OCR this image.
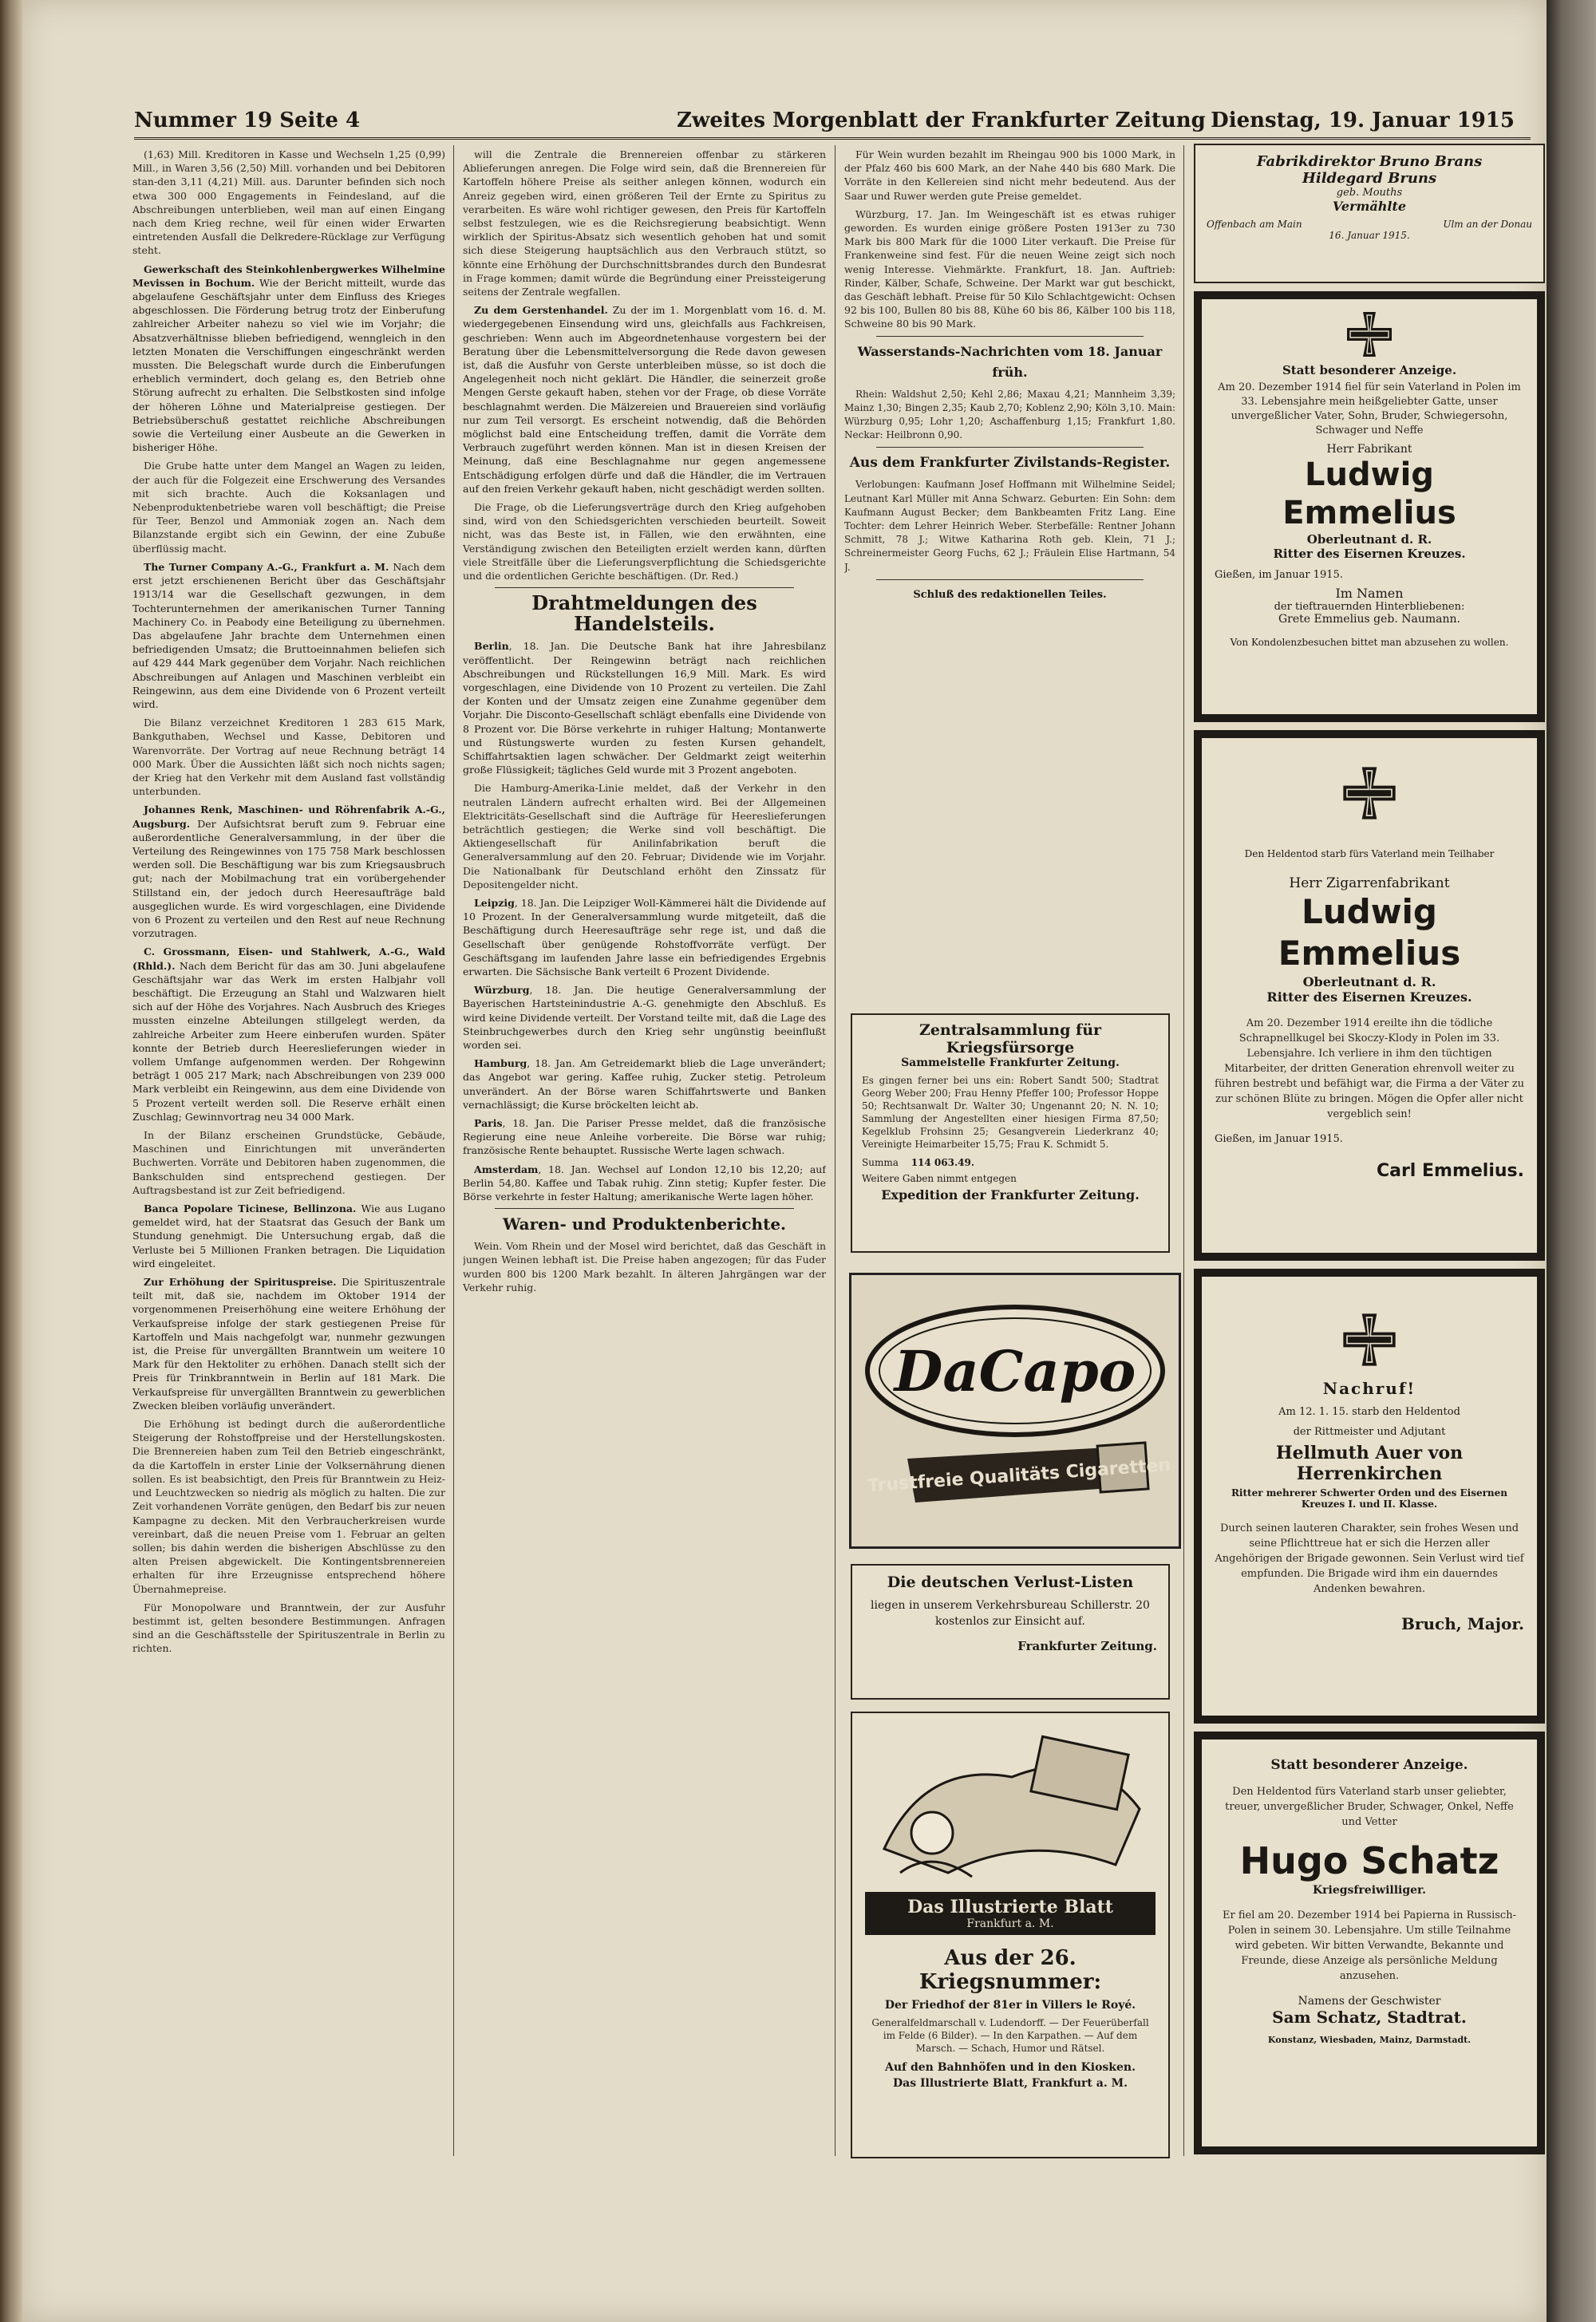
Nummer 19 Seite 4	Zweites Morgenblatt der Frankfurter Zeitung Dienstag, 19. Januar 1915

(1,63) Mill. Kreditoren in Kasse und Wechseln 1,25 (0,99) Mill., in Waren 3,56 (2,50) Mill. vorhanden und bei Debitoren stan-den 3,11 (4,21) Mill. aus. Darunter befinden sich noch etwa 300 000 Engagements in Feindesland, auf die Abschreibungen unterblieben, weil man auf einen Eingang nach dem Krieg rechne, weil für einen wider Erwarten eintretenden Ausfall die Delkredere-Rücklage zur Verfügung steht.

Gewerkschaft des Steinkohlenbergwerkes Wilhelmine Mevissen in Bochum. Wie der Bericht mitteilt, wurde das abgelaufene Geschäftsjahr unter dem Einfluss des Krieges abgeschlossen. Die Förderung betrug trotz der Einberufung zahlreicher Arbeiter nahezu so viel wie im Vorjahr; die Absatzverhältnisse blieben befriedigend, wenngleich in den letzten Monaten die Verschiffungen eingeschränkt werden mussten. Die Belegschaft wurde durch die Einberufungen erheblich vermindert, doch gelang es, den Betrieb ohne Störung aufrecht zu erhalten. Die Selbstkosten sind infolge der höheren Löhne und Materialpreise gestiegen. Der Betriebsüberschuß gestattet reichliche Abschreibungen sowie die Verteilung einer Ausbeute an die Gewerken in bisheriger Höhe.

Die Grube hatte unter dem Mangel an Wagen zu leiden, der auch für die Folgezeit eine Erschwerung des Versandes mit sich brachte. Auch die Koksanlagen und Nebenproduktenbetriebe waren voll beschäftigt; die Preise für Teer, Benzol und Ammoniak zogen an. Nach dem Bilanzstande ergibt sich ein Gewinn, der eine Zubuße überflüssig macht.

The Turner Company A.-G., Frankfurt a. M. Nach dem erst jetzt erschienenen Bericht über das Geschäftsjahr 1913/14 war die Gesellschaft gezwungen, in dem Tochterunternehmen der amerikanischen Turner Tanning Machinery Co. in Peabody eine Beteiligung zu übernehmen. Das abgelaufene Jahr brachte dem Unternehmen einen befriedigenden Umsatz; die Bruttoeinnahmen beliefen sich auf 429 444 Mark gegenüber dem Vorjahr. Nach reichlichen Abschreibungen auf Anlagen und Maschinen verbleibt ein Reingewinn, aus dem eine Dividende von 6 Prozent verteilt wird.

Die Bilanz verzeichnet Kreditoren 1 283 615 Mark, Bankguthaben, Wechsel und Kasse, Debitoren und Warenvorräte. Der Vortrag auf neue Rechnung beträgt 14 000 Mark. Über die Aussichten läßt sich noch nichts sagen; der Krieg hat den Verkehr mit dem Ausland fast vollständig unterbunden.

Johannes Renk, Maschinen- und Röhrenfabrik A.-G., Augsburg. Der Aufsichtsrat beruft zum 9. Februar eine außerordentliche Generalversammlung, in der über die Verteilung des Reingewinnes von 175 758 Mark beschlossen werden soll. Die Beschäftigung war bis zum Kriegsausbruch gut; nach der Mobilmachung trat ein vorübergehender Stillstand ein, der jedoch durch Heeresaufträge bald ausgeglichen wurde. Es wird vorgeschlagen, eine Dividende von 6 Prozent zu verteilen und den Rest auf neue Rechnung vorzutragen.

C. Grossmann, Eisen- und Stahlwerk, A.-G., Wald (Rhld.). Nach dem Bericht für das am 30. Juni abgelaufene Geschäftsjahr war das Werk im ersten Halbjahr voll beschäftigt. Die Erzeugung an Stahl und Walzwaren hielt sich auf der Höhe des Vorjahres. Nach Ausbruch des Krieges mussten einzelne Abteilungen stillgelegt werden, da zahlreiche Arbeiter zum Heere einberufen wurden. Später konnte der Betrieb durch Heereslieferungen wieder in vollem Umfange aufgenommen werden. Der Rohgewinn beträgt 1 005 217 Mark; nach Abschreibungen von 239 000 Mark verbleibt ein Reingewinn, aus dem eine Dividende von 5 Prozent verteilt werden soll. Die Reserve erhält einen Zuschlag; Gewinnvortrag neu 34 000 Mark.

In der Bilanz erscheinen Grundstücke, Gebäude, Maschinen und Einrichtungen mit unveränderten Buchwerten. Vorräte und Debitoren haben zugenommen, die Bankschulden sind entsprechend gestiegen. Der Auftragsbestand ist zur Zeit befriedigend.

Banca Popolare Ticinese, Bellinzona. Wie aus Lugano gemeldet wird, hat der Staatsrat das Gesuch der Bank um Stundung genehmigt. Die Untersuchung ergab, daß die Verluste bei 5 Millionen Franken betragen. Die Liquidation wird eingeleitet.

Zur Erhöhung der Spirituspreise. Die Spirituszentrale teilt mit, daß sie, nachdem im Oktober 1914 der vorgenommenen Preiserhöhung eine weitere Erhöhung der Verkaufspreise infolge der stark gestiegenen Preise für Kartoffeln und Mais nachgefolgt war, nunmehr gezwungen ist, die Preise für unvergällten Branntwein um weitere 10 Mark für den Hektoliter zu erhöhen. Danach stellt sich der Preis für Trinkbranntwein in Berlin auf 181 Mark. Die Verkaufspreise für unvergällten Branntwein zu gewerblichen Zwecken bleiben vorläufig unverändert.

Die Erhöhung ist bedingt durch die außerordentliche Steigerung der Rohstoffpreise und der Herstellungskosten. Die Brennereien haben zum Teil den Betrieb eingeschränkt, da die Kartoffeln in erster Linie der Volksernährung dienen sollen. Es ist beabsichtigt, den Preis für Branntwein zu Heiz- und Leuchtzwecken so niedrig als möglich zu halten. Die zur Zeit vorhandenen Vorräte genügen, den Bedarf bis zur neuen Kampagne zu decken. Mit den Verbraucherkreisen wurde vereinbart, daß die neuen Preise vom 1. Februar an gelten sollen; bis dahin werden die bisherigen Abschlüsse zu den alten Preisen abgewickelt. Die Kontingentsbrennereien erhalten für ihre Erzeugnisse entsprechend höhere Übernahmepreise.

Für Monopolware und Branntwein, der zur Ausfuhr bestimmt ist, gelten besondere Bestimmungen. Anfragen sind an die Geschäftsstelle der Spirituszentrale in Berlin zu richten.

will die Zentrale die Brennereien offenbar zu stärkeren Ablieferungen anregen. Die Folge wird sein, daß die Brennereien für Kartoffeln höhere Preise als seither anlegen können, wodurch ein Anreiz gegeben wird, einen größeren Teil der Ernte zu Spiritus zu verarbeiten. Es wäre wohl richtiger gewesen, den Preis für Kartoffeln selbst festzulegen, wie es die Reichsregierung beabsichtigt. Wenn wirklich der Spiritus-Absatz sich wesentlich gehoben hat und somit sich diese Steigerung hauptsächlich aus den Verbrauch stützt, so könnte eine Erhöhung der Durchschnittsbrandes durch den Bundesrat in Frage kommen; damit würde die Begründung einer Preissteigerung seitens der Zentrale wegfallen.

Zu dem Gerstenhandel. Zu der im 1. Morgenblatt vom 16. d. M. wiedergegebenen Einsendung wird uns, gleichfalls aus Fachkreisen, geschrieben: Wenn auch im Abgeordnetenhause vorgestern bei der Beratung über die Lebensmittelversorgung die Rede davon gewesen ist, daß die Ausfuhr von Gerste unterbleiben müsse, so ist doch die Angelegenheit noch nicht geklärt. Die Händler, die seinerzeit große Mengen Gerste gekauft haben, stehen vor der Frage, ob diese Vorräte beschlagnahmt werden. Die Mälzereien und Brauereien sind vorläufig nur zum Teil versorgt. Es erscheint notwendig, daß die Behörden möglichst bald eine Entscheidung treffen, damit die Vorräte dem Verbrauch zugeführt werden können. Man ist in diesen Kreisen der Meinung, daß eine Beschlagnahme nur gegen angemessene Entschädigung erfolgen dürfe und daß die Händler, die im Vertrauen auf den freien Verkehr gekauft haben, nicht geschädigt werden sollten.

Die Frage, ob die Lieferungsverträge durch den Krieg aufgehoben sind, wird von den Schiedsgerichten verschieden beurteilt. Soweit nicht, was das Beste ist, in Fällen, wie den erwähnten, eine Verständigung zwischen den Beteiligten erzielt werden kann, dürften viele Streitfälle über die Lieferungsverpflichtung die Schiedsgerichte und die ordentlichen Gerichte beschäftigen. (Dr. Red.)

Drahtmeldungen des Handelsteils.

Berlin, 18. Jan. Die Deutsche Bank hat ihre Jahresbilanz veröffentlicht. Der Reingewinn beträgt nach reichlichen Abschreibungen und Rückstellungen 16,9 Mill. Mark. Es wird vorgeschlagen, eine Dividende von 10 Prozent zu verteilen. Die Zahl der Konten und der Umsatz zeigen eine Zunahme gegenüber dem Vorjahr. Die Disconto-Gesellschaft schlägt ebenfalls eine Dividende von 8 Prozent vor. Die Börse verkehrte in ruhiger Haltung; Montanwerte und Rüstungswerte wurden zu festen Kursen gehandelt, Schiffahrtsaktien lagen schwächer. Der Geldmarkt zeigt weiterhin große Flüssigkeit; tägliches Geld wurde mit 3 Prozent angeboten.

Die Hamburg-Amerika-Linie meldet, daß der Verkehr in den neutralen Ländern aufrecht erhalten wird. Bei der Allgemeinen Elektricitäts-Gesellschaft sind die Aufträge für Heereslieferungen beträchtlich gestiegen; die Werke sind voll beschäftigt. Die Aktiengesellschaft für Anilinfabrikation beruft die Generalversammlung auf den 20. Februar; Dividende wie im Vorjahr. Die Nationalbank für Deutschland erhöht den Zinssatz für Depositengelder nicht.

Leipzig, 18. Jan. Die Leipziger Woll-Kämmerei hält die Dividende auf 10 Prozent. In der Generalversammlung wurde mitgeteilt, daß die Beschäftigung durch Heeresaufträge sehr rege ist, und daß die Gesellschaft über genügende Rohstoffvorräte verfügt. Der Geschäftsgang im laufenden Jahre lasse ein befriedigendes Ergebnis erwarten. Die Sächsische Bank verteilt 6 Prozent Dividende.

Würzburg, 18. Jan. Die heutige Generalversammlung der Bayerischen Hartsteinindustrie A.-G. genehmigte den Abschluß. Es wird keine Dividende verteilt. Der Vorstand teilte mit, daß die Lage des Steinbruchgewerbes durch den Krieg sehr ungünstig beeinflußt worden sei.

Hamburg, 18. Jan. Am Getreidemarkt blieb die Lage unverändert; das Angebot war gering. Kaffee ruhig, Zucker stetig. Petroleum unverändert. An der Börse waren Schiffahrtswerte und Banken vernachlässigt; die Kurse bröckelten leicht ab.

Paris, 18. Jan. Die Pariser Presse meldet, daß die französische Regierung eine neue Anleihe vorbereite. Die Börse war ruhig; französische Rente behauptet. Russische Werte lagen schwach.

Amsterdam, 18. Jan. Wechsel auf London 12,10 bis 12,20; auf Berlin 54,80. Kaffee und Tabak ruhig. Zinn stetig; Kupfer fester. Die Börse verkehrte in fester Haltung; amerikanische Werte lagen höher.

Waren- und Produktenberichte.

Wein. Vom Rhein und der Mosel wird berichtet, daß das Geschäft in jungen Weinen lebhaft ist. Die Preise haben angezogen; für das Fuder wurden 800 bis 1200 Mark bezahlt. In älteren Jahrgängen war der Verkehr ruhig.

Für Wein wurden bezahlt im Rheingau 900 bis 1000 Mark, in der Pfalz 460 bis 600 Mark, an der Nahe 440 bis 680 Mark. Die Vorräte in den Kellereien sind nicht mehr bedeutend. Aus der Saar und Ruwer werden gute Preise gemeldet.

Würzburg, 17. Jan. Im Weingeschäft ist es etwas ruhiger geworden. Es wurden einige größere Posten 1913er zu 730 Mark bis 800 Mark für die 1000 Liter verkauft. Die Preise für Frankenweine sind fest. Für die neuen Weine zeigt sich noch wenig Interesse. Viehmärkte. Frankfurt, 18. Jan. Auftrieb: Rinder, Kälber, Schafe, Schweine. Der Markt war gut beschickt, das Geschäft lebhaft. Preise für 50 Kilo Schlachtgewicht: Ochsen 92 bis 100, Bullen 80 bis 88, Kühe 60 bis 86, Kälber 100 bis 118, Schweine 80 bis 90 Mark.

Wasserstands-Nachrichten vom 18. Januar früh.

Rhein: Waldshut 2,50; Kehl 2,86; Maxau 4,21; Mannheim 3,39; Mainz 1,30; Bingen 2,35; Kaub 2,70; Koblenz 2,90; Köln 3,10. Main: Würzburg 0,95; Lohr 1,20; Aschaffenburg 1,15; Frankfurt 1,80. Neckar: Heilbronn 0,90.

Aus dem Frankfurter Zivilstands-Register.

Verlobungen: Kaufmann Josef Hoffmann mit Wilhelmine Seidel; Leutnant Karl Müller mit Anna Schwarz. Geburten: Ein Sohn: dem Kaufmann August Becker; dem Bankbeamten Fritz Lang. Eine Tochter: dem Lehrer Heinrich Weber. Sterbefälle: Rentner Johann Schmitt, 78 J.; Witwe Katharina Roth geb. Klein, 71 J.; Schreinermeister Georg Fuchs, 62 J.; Fräulein Elise Hartmann, 54 J.

Schluß des redaktionellen Teiles.

Zentralsammlung für Kriegsfürsorge
Sammelstelle Frankfurter Zeitung.
Es gingen ferner bei uns ein: Robert Sandt 500; Stadtrat Georg Weber 200; Frau Henny Pfeffer 100; Professor Hoppe 50; Rechtsanwalt Dr. Walter 30; Ungenannt 20; N. N. 10; Sammlung der Angestellten einer hiesigen Firma 87,50; Kegelklub Frohsinn 25; Gesangverein Liederkranz 40; Vereinigte Heimarbeiter 15,75; Frau K. Schmidt 5.
Summa 114 063.49.
Weitere Gaben nimmt entgegen
Expedition der Frankfurter Zeitung.
DaCapo
Trustfreie Qualitäts Cigaretten
Die deutschen Verlust-Listen
liegen in unserem Verkehrsbureau Schillerstr. 20 kostenlos zur Einsicht auf.
Frankfurter Zeitung.
Das Illustrierte Blatt
Frankfurt a. M.
Aus der 26. Kriegsnummer:
Der Friedhof der 81er in Villers le Royé.
Generalfeldmarschall v. Ludendorff. — Der Feuerüberfall im Felde (6 Bilder). — In den Karpathen. — Auf dem Marsch. — Schach, Humor und Rätsel.
Auf den Bahnhöfen und in den Kiosken.
Das Illustrierte Blatt, Frankfurt a. M.
Fabrikdirektor Bruno Brans
Hildegard Bruns
geb. Mouths
Vermählte
Offenbach am Main	Ulm an der Donau
16. Januar 1915.
Statt besonderer Anzeige.
Am 20. Dezember 1914 fiel für sein Vaterland in Polen im 33. Lebensjahre mein heißgeliebter Gatte, unser unvergeßlicher Vater, Sohn, Bruder, Schwiegersohn, Schwager und Neffe
Herr Fabrikant
Ludwig Emmelius
Oberleutnant d. R.
Ritter des Eisernen Kreuzes.
Gießen, im Januar 1915.
Im Namen
der tieftrauernden Hinterbliebenen:
Grete Emmelius geb. Naumann.
Von Kondolenzbesuchen bittet man abzusehen zu wollen.
Den Heldentod starb fürs Vaterland mein Teilhaber
Herr Zigarrenfabrikant
Ludwig Emmelius
Oberleutnant d. R.
Ritter des Eisernen Kreuzes.
Am 20. Dezember 1914 ereilte ihn die tödliche Schrapnellkugel bei Skoczy-Klody in Polen im 33. Lebensjahre. Ich verliere in ihm den tüchtigen Mitarbeiter, der dritten Generation ehrenvoll weiter zu führen bestrebt und befähigt war, die Firma a der Väter zu zur schönen Blüte zu bringen. Mögen die Opfer aller nicht vergeblich sein!
Gießen, im Januar 1915.
Carl Emmelius.
Nachruf!
Am 12. 1. 15. starb den Heldentod
der Rittmeister und Adjutant
Hellmuth Auer von Herrenkirchen
Ritter mehrerer Schwerter Orden und des Eisernen Kreuzes I. und II. Klasse.
Durch seinen lauteren Charakter, sein frohes Wesen und seine Pflichttreue hat er sich die Herzen aller Angehörigen der Brigade gewonnen. Sein Verlust wird tief empfunden. Die Brigade wird ihm ein dauerndes Andenken bewahren.
Bruch, Major.
Statt besonderer Anzeige.
Den Heldentod fürs Vaterland starb unser geliebter, treuer, unvergeßlicher Bruder, Schwager, Onkel, Neffe und Vetter
Hugo Schatz
Kriegsfreiwilliger.
Er fiel am 20. Dezember 1914 bei Papierna in Russisch-Polen in seinem 30. Lebensjahre. Um stille Teilnahme wird gebeten. Wir bitten Verwandte, Bekannte und Freunde, diese Anzeige als persönliche Meldung anzusehen.
Namens der Geschwister
Sam Schatz, Stadtrat.
Konstanz, Wiesbaden, Mainz, Darmstadt.
